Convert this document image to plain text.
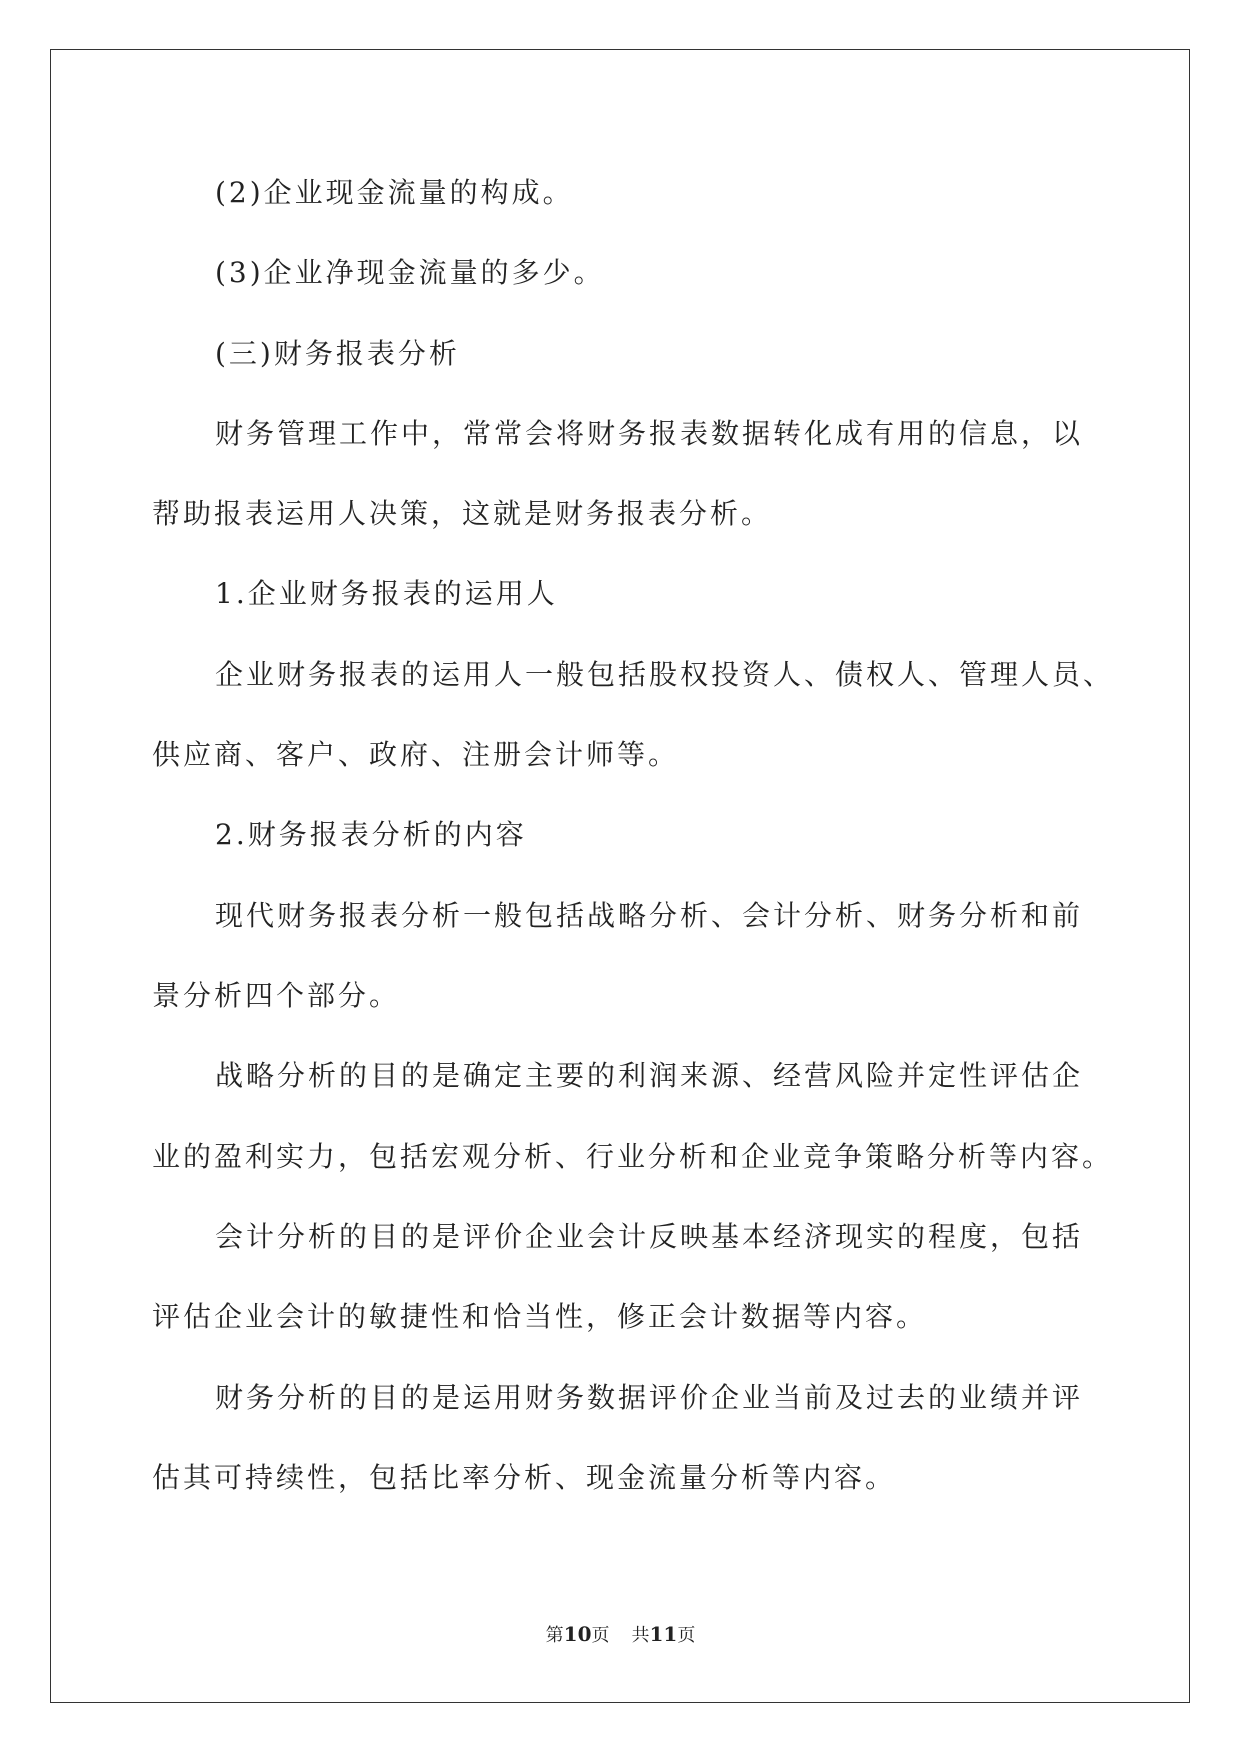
(2)企业现金流量的构成。
(3)企业净现金流量的多少。
(三)财务报表分析
财务管理工作中，常常会将财务报表数据转化成有用的信息，以
帮助报表运用人决策，这就是财务报表分析。
1.企业财务报表的运用人
企业财务报表的运用人一般包括股权投资人、债权人、管理人员、
供应商、客户、政府、注册会计师等。
2.财务报表分析的内容
现代财务报表分析一般包括战略分析、会计分析、财务分析和前
景分析四个部分。
战略分析的目的是确定主要的利润来源、经营风险并定性评估企
业的盈利实力，包括宏观分析、行业分析和企业竞争策略分析等内容。
会计分析的目的是评价企业会计反映基本经济现实的程度，包括
评估企业会计的敏捷性和恰当性，修正会计数据等内容。
财务分析的目的是运用财务数据评价企业当前及过去的业绩并评
估其可持续性，包括比率分析、现金流量分析等内容。
第10页 共11页
